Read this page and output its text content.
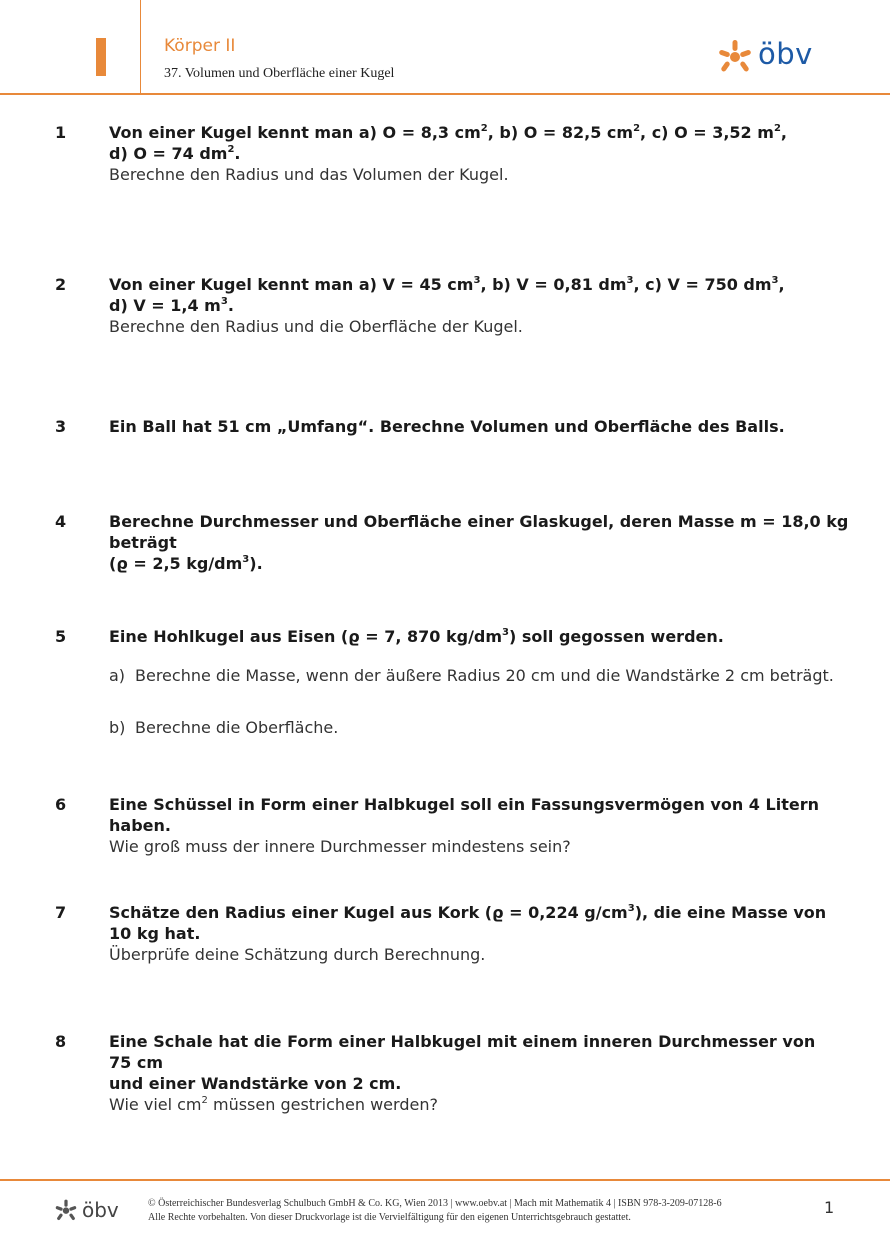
Körper II
37. Volumen und Oberfläche einer Kugel
öbv
1	Von einer Kugel kennt man a) O = 8,3 $cm^2$, b) O = 82,5 $cm^2$, c) O = 3,52 $m^2$,
d) O = 74 $dm^2$.
Berechne den Radius und das Volumen der Kugel.
2	Von einer Kugel kennt man a) V = 45 $cm^3$, b) V = 0,81 $dm^3$, c) V = 750 $dm^3$,
d) V = 1,4 $m^3$.
Berechne den Radius und die Oberfläche der Kugel.
3	Ein Ball hat 51 cm „Umfang“. Berechne Volumen und Oberfläche des Balls.
4	Berechne Durchmesser und Oberfläche einer Glaskugel, deren Masse m = 18,0 kg beträgt
(ϱ = 2,5 $kg/dm^3$).
5	Eine Hohlkugel aus Eisen (ϱ = 7, 870 $kg/dm^3$) soll gegossen werden.
a) Berechne die Masse, wenn der äußere Radius 20 cm und die Wandstärke 2 cm beträgt.
b) Berechne die Oberfläche.
6	Eine Schüssel in Form einer Halbkugel soll ein Fassungsvermögen von 4 Litern haben.
Wie groß muss der innere Durchmesser mindestens sein?
7	Schätze den Radius einer Kugel aus Kork (ϱ = 0,224 $g/cm^3$), die eine Masse von
10 kg hat.
Überprüfe deine Schätzung durch Berechnung.
8	Eine Schale hat die Form einer Halbkugel mit einem inneren Durchmesser von 75 cm
und einer Wandstärke von 2 cm.
Wie viel $cm^2$ müssen gestrichen werden?
öbv	© Österreichischer Bundesverlag Schulbuch GmbH & Co. KG, Wien 2013 | www.oebv.at | Mach mit Mathematik 4 | ISBN 978-3-209-07128-6
Alle Rechte vorbehalten. Von dieser Druckvorlage ist die Vervielfältigung für den eigenen Unterrichtsgebrauch gestattet.
1
